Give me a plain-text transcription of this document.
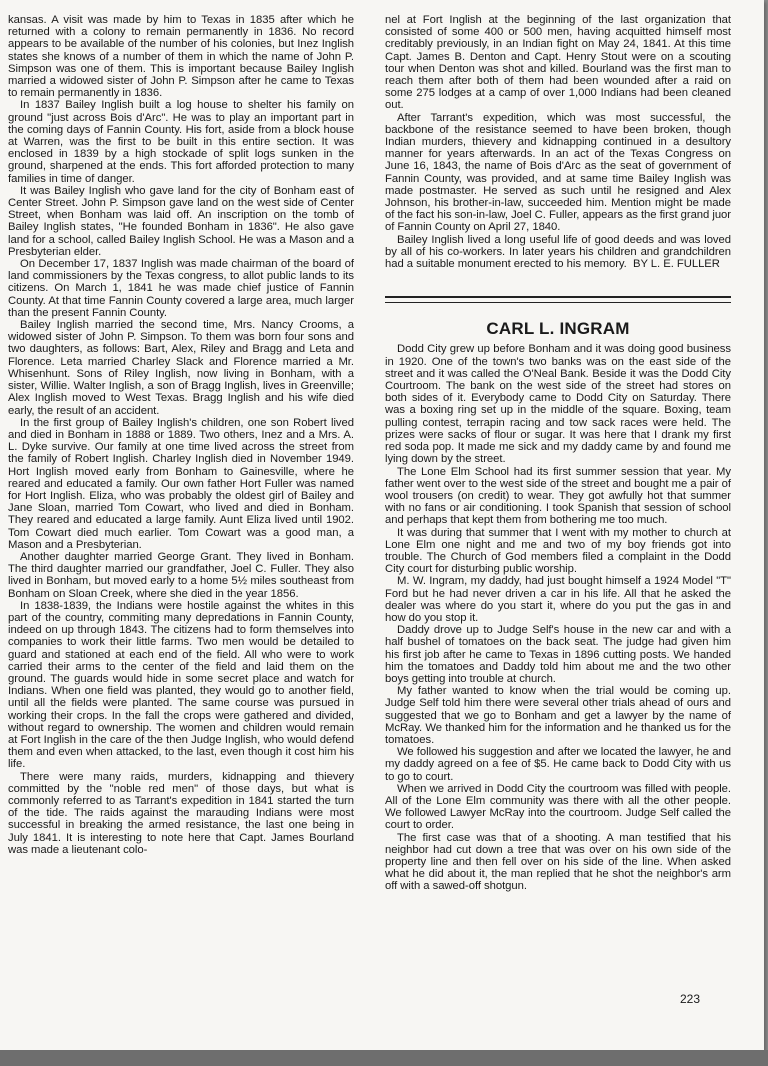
kansas. A visit was made by him to Texas in 1835 after which he returned with a colony to remain permanently in 1836. No record appears to be available of the number of his colonies, but Inez Inglish states she knows of a number of them in which the name of John P. Simpson was one of them. This is important because Bailey Inglish married a widowed sister of John P. Simpson after he came to Texas to remain permanently in 1836.

In 1837 Bailey Inglish built a log house to shelter his family on ground "just across Bois d'Arc". He was to play an important part in the coming days of Fannin County. His fort, aside from a block house at Warren, was the first to be built in this entire section. It was enclosed in 1839 by a high stockade of split logs sunken in the ground, sharpened at the ends. This fort afforded protection to many families in time of danger.

It was Bailey Inglish who gave land for the city of Bonham east of Center Street. John P. Simpson gave land on the west side of Center Street, when Bonham was laid off. An inscription on the tomb of Bailey Inglish states, "He founded Bonham in 1836". He also gave land for a school, called Bailey Inglish School. He was a Mason and a Presbyterian elder.

On December 17, 1837 Inglish was made chairman of the board of land commissioners by the Texas congress, to allot public lands to its citizens. On March 1, 1841 he was made chief justice of Fannin County. At that time Fannin County covered a large area, much larger than the present Fannin County.

Bailey Inglish married the second time, Mrs. Nancy Crooms, a widowed sister of John P. Simpson. To them was born four sons and two daughters, as follows: Bart, Alex, Riley and Bragg and Leta and Florence. Leta married Charley Slack and Florence married a Mr. Whisenhunt. Sons of Riley Inglish, now living in Bonham, with a sister, Willie. Walter Inglish, a son of Bragg Inglish, lives in Greenville; Alex Inglish moved to West Texas. Bragg Inglish and his wife died early, the result of an accident.

In the first group of Bailey Inglish's children, one son Robert lived and died in Bonham in 1888 or 1889. Two others, Inez and a Mrs. A. L. Dyke survive. Our family at one time lived across the street from the family of Robert Inglish. Charley Inglish died in November 1949. Hort Inglish moved early from Bonham to Gainesville, where he reared and educated a family. Our own father Hort Fuller was named for Hort Inglish. Eliza, who was probably the oldest girl of Bailey and Jane Sloan, married Tom Cowart, who lived and died in Bonham. They reared and educated a large family. Aunt Eliza lived until 1902. Tom Cowart died much earlier. Tom Cowart was a good man, a Mason and a Presbyterian.

Another daughter married George Grant. They lived in Bonham. The third daughter married our grandfather, Joel C. Fuller. They also lived in Bonham, but moved early to a home 5½ miles southeast from Bonham on Sloan Creek, where she died in the year 1856.

In 1838-1839, the Indians were hostile against the whites in this part of the country, commiting many depredations in Fannin County, indeed on up through 1843. The citizens had to form themselves into companies to work their little farms. Two men would be detailed to guard and stationed at each end of the field. All who were to work carried their arms to the center of the field and laid them on the ground. The guards would hide in some secret place and watch for Indians. When one field was planted, they would go to another field, until all the fields were planted. The same course was pursued in working their crops. In the fall the crops were gathered and divided, without regard to ownership. The women and children would remain at Fort Inglish in the care of the then Judge Inglish, who would defend them and even when attacked, to the last, even though it cost him his life.

There were many raids, murders, kidnapping and thievery committed by the "noble red men" of those days, but what is commonly referred to as Tarrant's expedition in 1841 started the turn of the tide. The raids against the marauding Indians were most successful in breaking the armed resistance, the last one being in July 1841. It is interesting to note here that Capt. James Bourland was made a lieutenant colo-

nel at Fort Inglish at the beginning of the last organization that consisted of some 400 or 500 men, having acquitted himself most creditably previously, in an Indian fight on May 24, 1841. At this time Capt. James B. Denton and Capt. Henry Stout were on a scouting tour when Denton was shot and killed. Bourland was the first man to reach them after both of them had been wounded after a raid on some 275 lodges at a camp of over 1,000 Indians had been cleaned out.

After Tarrant's expedition, which was most successful, the backbone of the resistance seemed to have been broken, though Indian murders, thievery and kidnapping continued in a desultory manner for years afterwards. In an act of the Texas Congress on June 16, 1843, the name of Bois d'Arc as the seat of government of Fannin County, was provided, and at same time Bailey Inglish was made postmaster. He served as such until he resigned and Alex Johnson, his brother-in-law, succeeded him. Mention might be made of the fact his son-in-law, Joel C. Fuller, appears as the first grand juor of Fannin County on April 27, 1840.

Bailey Inglish lived a long useful life of good deeds and was loved by all of his co-workers. In later years his children and grandchildren had a suitable monument erected to his memory. BY L. E. FULLER

CARL L. INGRAM

Dodd City grew up before Bonham and it was doing good business in 1920. One of the town's two banks was on the east side of the street and it was called the O'Neal Bank. Beside it was the Dodd City Courtroom. The bank on the west side of the street had stores on both sides of it. Everybody came to Dodd City on Saturday. There was a boxing ring set up in the middle of the square. Boxing, team pulling contest, terrapin racing and tow sack races were held. The prizes were sacks of flour or sugar. It was here that I drank my first red soda pop. It made me sick and my daddy came by and found me lying down by the street.

The Lone Elm School had its first summer session that year. My father went over to the west side of the street and bought me a pair of wool trousers (on credit) to wear. They got awfully hot that summer with no fans or air conditioning. I took Spanish that session of school and perhaps that kept them from bothering me too much.

It was during that summer that I went with my mother to church at Lone Elm one night and me and two of my boy friends got into trouble. The Church of God members filed a complaint in the Dodd City court for disturbing public worship.

M. W. Ingram, my daddy, had just bought himself a 1924 Model "T" Ford but he had never driven a car in his life. All that he asked the dealer was where do you start it, where do you put the gas in and how do you stop it.

Daddy drove up to Judge Self's house in the new car and with a half bushel of tomatoes on the back seat. The judge had given him his first job after he came to Texas in 1896 cutting posts. We handed him the tomatoes and Daddy told him about me and the two other boys getting into trouble at church.

My father wanted to know when the trial would be coming up. Judge Self told him there were several other trials ahead of ours and suggested that we go to Bonham and get a lawyer by the name of McRay. We thanked him for the information and he thanked us for the tomatoes.

We followed his suggestion and after we located the lawyer, he and my daddy agreed on a fee of $5. He came back to Dodd City with us to go to court.

When we arrived in Dodd City the courtroom was filled with people. All of the Lone Elm community was there with all the other people. We followed Lawyer McRay into the courtroom. Judge Self called the court to order.

The first case was that of a shooting. A man testified that his neighbor had cut down a tree that was over on his own side of the property line and then fell over on his side of the line. When asked what he did about it, the man replied that he shot the neighbor's arm off with a sawed-off shotgun.

223
